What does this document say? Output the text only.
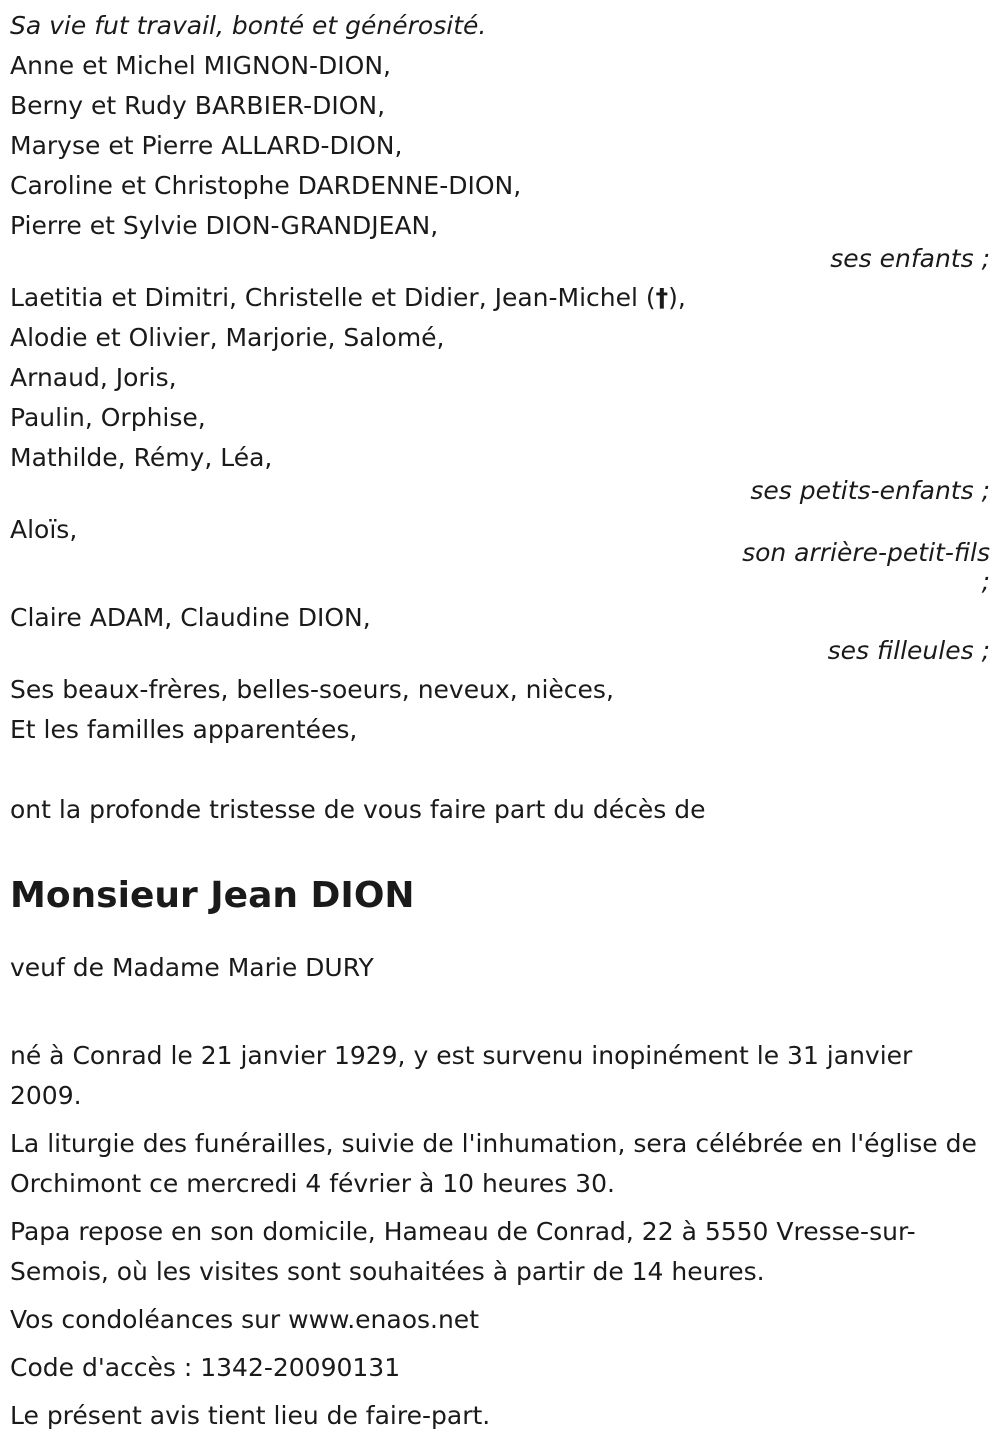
Sa vie fut travail, bonté et générosité.
Anne et Michel MIGNON-DION,
Berny et Rudy BARBIER-DION,
Maryse et Pierre ALLARD-DION,
Caroline et Christophe DARDENNE-DION,
Pierre et Sylvie DION-GRANDJEAN,
ses enfants ;
Laetitia et Dimitri, Christelle et Didier, Jean-Michel (†),
Alodie et Olivier, Marjorie, Salomé,
Arnaud, Joris,
Paulin, Orphise,
Mathilde, Rémy, Léa,
ses petits-enfants ;
Aloïs,
son arrière-petit-fils
;
Claire ADAM, Claudine DION,
ses filleules ;
Ses beaux-frères, belles-soeurs, neveux, nièces,
Et les familles apparentées,
ont la profonde tristesse de vous faire part du décès de
Monsieur Jean DION
veuf de Madame Marie DURY
né à Conrad le 21 janvier 1929, y est survenu inopinément le 31 janvier 2009.
La liturgie des funérailles, suivie de l'inhumation, sera célébrée en l'église de Orchimont ce mercredi 4 février à 10 heures 30.
Papa repose en son domicile, Hameau de Conrad, 22 à 5550 Vresse-sur-Semois, où les visites sont souhaitées à partir de 14 heures.
Vos condoléances sur www.enaos.net
Code d'accès : 1342-20090131
Le présent avis tient lieu de faire-part.
